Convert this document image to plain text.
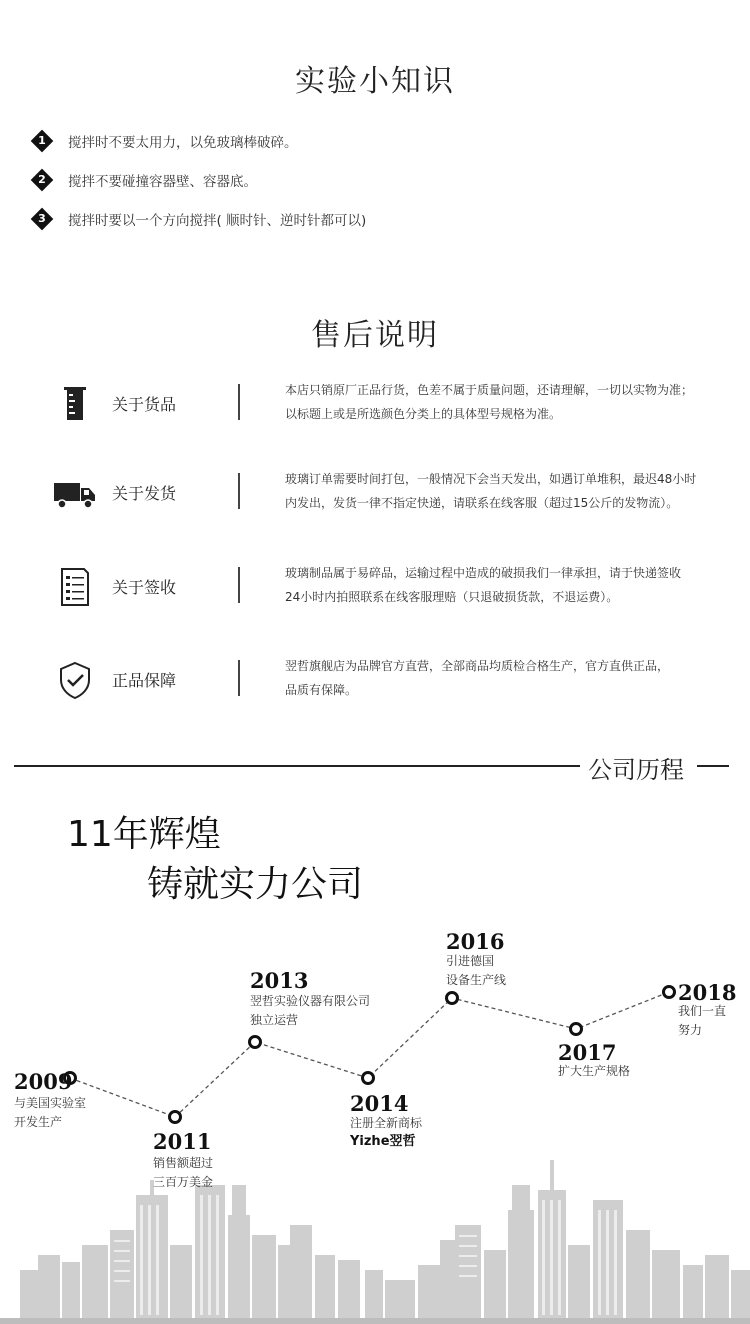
实验小知识
1	搅拌时不要太用力，以免玻璃棒破碎。
2	搅拌不要碰撞容器壁、容器底。
3	搅拌时要以一个方向搅拌( 顺时针、逆时针都可以)
售后说明
关于货品
本店只销原厂正品行货，色差不属于质量问题，还请理解，一切以实物为准；
以标题上或是所选颜色分类上的具体型号规格为准。
关于发货
玻璃订单需要时间打包，一般情况下会当天发出，如遇订单堆积，最迟48小时
内发出，发货一律不指定快递，请联系在线客服（超过15公斤的发物流）。
关于签收
玻璃制品属于易碎品，运输过程中造成的破损我们一律承担，请于快递签收
24小时内拍照联系在线客服理赔（只退破损货款，不退运费）。
正品保障
翌哲旗舰店为品牌官方直营，全部商品均质检合格生产，官方直供正品，
品质有保障。
公司历程
11年辉煌
铸就实力公司
2009
与美国实验室
开发生产
2011
销售额超过
三百万美金
2013
翌哲实验仪器有限公司
独立运营
2014
注册全新商标
Yizhe翌哲
2016
引进德国
设备生产线
2017
扩大生产规格
2018
我们一直
努力
